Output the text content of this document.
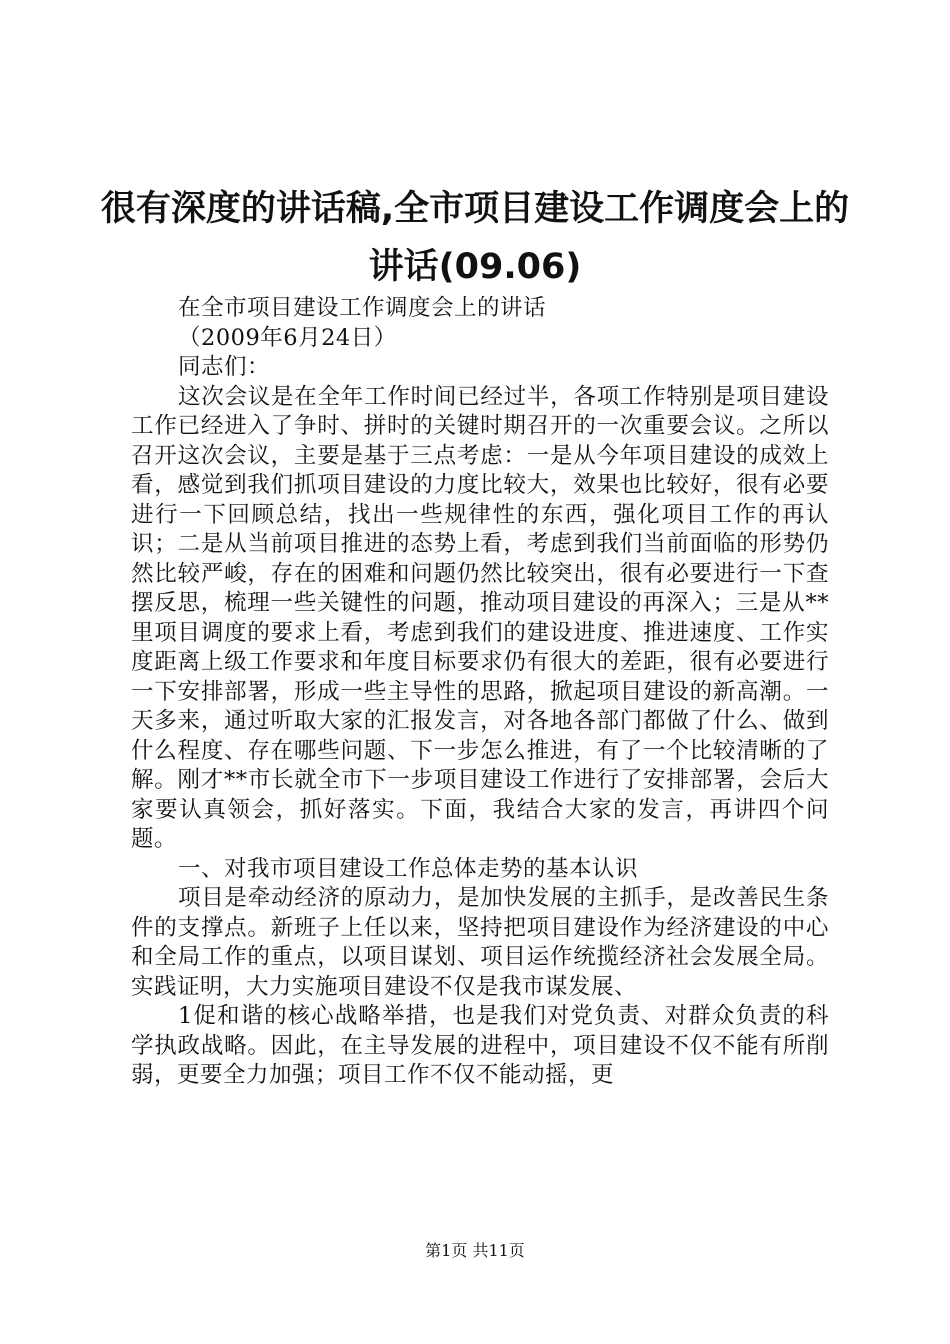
很有深度的讲话稿,全市项目建设工作调度会上的讲话(09.06)

在全市项目建设工作调度会上的讲话

（2009年6月24日）

同志们：

这次会议是在全年工作时间已经过半，各项工作特别是项目建设工作已经进入了争时、拼时的关键时期召开的一次重要会议。之所以召开这次会议，主要是基于三点考虑：一是从今年项目建设的成效上看，感觉到我们抓项目建设的力度比较大，效果也比较好，很有必要进行一下回顾总结，找出一些规律性的东西，强化项目工作的再认识；二是从当前项目推进的态势上看，考虑到我们当前面临的形势仍然比较严峻，存在的困难和问题仍然比较突出，很有必要进行一下查摆反思，梳理一些关键性的问题，推动项目建设的再深入；三是从**里项目调度的要求上看，考虑到我们的建设进度、推进速度、工作实度距离上级工作要求和年度目标要求仍有很大的差距，很有必要进行一下安排部署，形成一些主导性的思路，掀起项目建设的新高潮。一天多来，通过听取大家的汇报发言，对各地各部门都做了什么、做到什么程度、存在哪些问题、下一步怎么推进，有了一个比较清晰的了解。刚才**市长就全市下一步项目建设工作进行了安排部署，会后大家要认真领会，抓好落实。下面，我结合大家的发言，再讲四个问题。

一、对我市项目建设工作总体走势的基本认识

项目是牵动经济的原动力，是加快发展的主抓手，是改善民生条件的支撑点。新班子上任以来，坚持把项目建设作为经济建设的中心和全局工作的重点，以项目谋划、项目运作统揽经济社会发展全局。实践证明，大力实施项目建设不仅是我市谋发展、

1促和谐的核心战略举措，也是我们对党负责、对群众负责的科学执政战略。因此，在主导发展的进程中，项目建设不仅不能有所削弱，更要全力加强；项目工作不仅不能动摇，更

第1页 共11页
